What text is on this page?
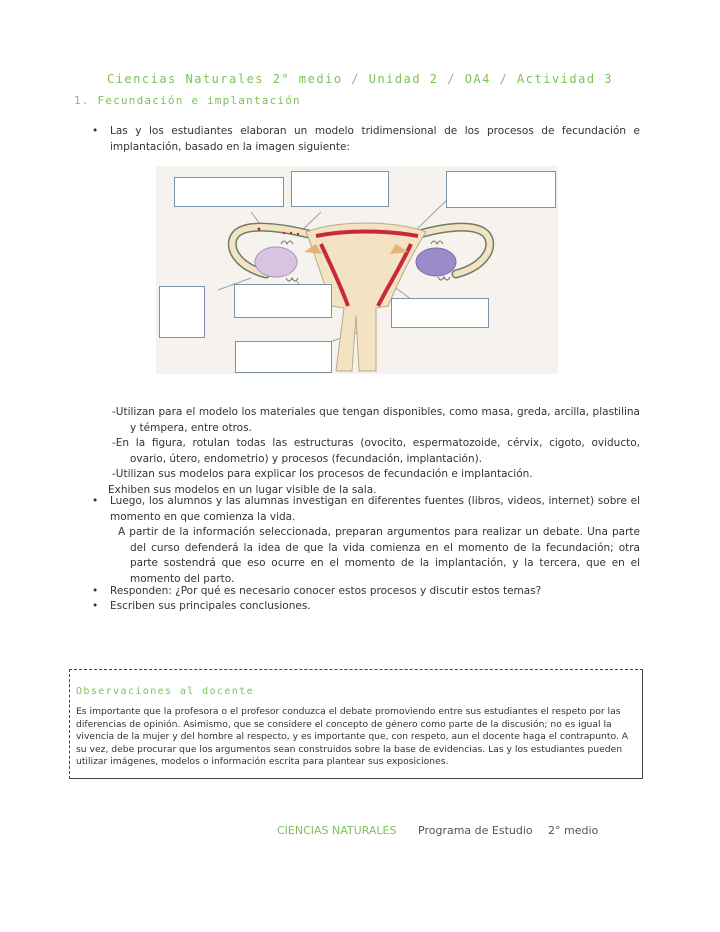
Ciencias Naturales 2° medio / Unidad 2 / OA4 / Actividad 3
1. Fecundación e implantación
•	Las y los estudiantes elaboran un modelo tridimensional de los procesos de fecundación e implantación, basado en la imagen siguiente:
-Utilizan para el modelo los materiales que tengan disponibles, como masa, greda, arcilla, plastilina y témpera, entre otros.
-En la figura, rotulan todas las estructuras (ovocito, espermatozoide, cérvix, cigoto, oviducto, ovario, útero, endometrio) y procesos (fecundación, implantación).
-Utilizan sus modelos para explicar los procesos de fecundación e implantación.
Exhiben sus modelos en un lugar visible de la sala.
•	Luego, los alumnos y las alumnas investigan en diferentes fuentes (libros, videos, internet) sobre el momento en que comienza la vida.
A partir de la información seleccionada, preparan argumentos para realizar un debate. Una parte del curso defenderá la idea de que la vida comienza en el momento de la fecundación; otra parte sostendrá que eso ocurre en el momento de la implantación, y la tercera, que en el momento del parto.
•	Responden: ¿Por qué es necesario conocer estos procesos y discutir estos temas?
•	Escriben sus principales conclusiones.
Observaciones al docente
Es importante que la profesora o el profesor conduzca el debate promoviendo entre sus estudiantes el respeto por las diferencias de opinión. Asimismo, que se considere el concepto de género como parte de la discusión; no es igual la vivencia de la mujer y del hombre al respecto, y es importante que, con respeto, aun el docente haga el contrapunto. A su vez, debe procurar que los argumentos sean construidos sobre la base de evidencias. Las y los estudiantes pueden utilizar imágenes, modelos o información escrita para plantear sus exposiciones.
CIENCIAS NATURALES Programa de Estudio 2° medio
